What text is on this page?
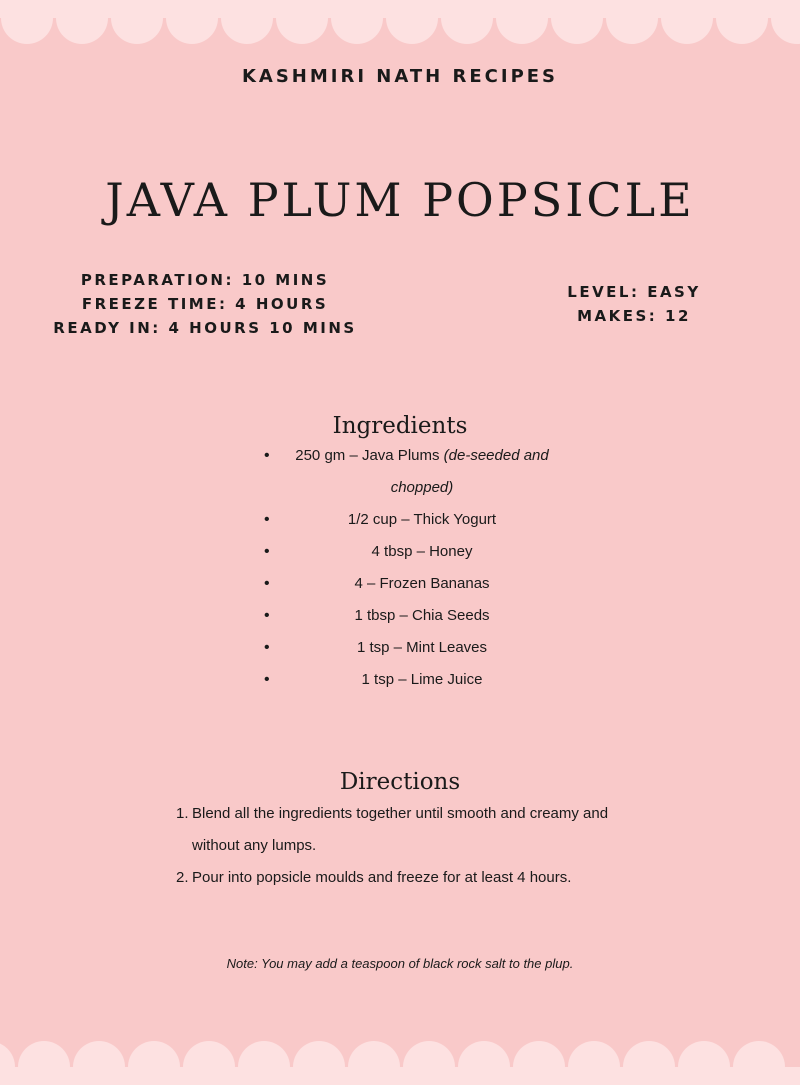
KASHMIRI NATH RECIPES
JAVA PLUM POPSICLE
PREPARATION: 10 MINS
FREEZE TIME: 4 HOURS
READY IN: 4 HOURS 10 MINS
LEVEL: EASY
MAKES: 12
Ingredients
• 250 gm – Java Plums (de-seeded and chopped)
•	1/2 cup – Thick Yogurt
•	4 tbsp – Honey
•	4 – Frozen Bananas
•	1 tbsp – Chia Seeds
•	1 tsp – Mint Leaves
•	1 tsp – Lime Juice
Directions
1. Blend all the ingredients together until smooth and creamy and
without any lumps.
2. Pour into popsicle moulds and freeze for at least 4 hours.
Note: You may add a teaspoon of black rock salt to the plup.
